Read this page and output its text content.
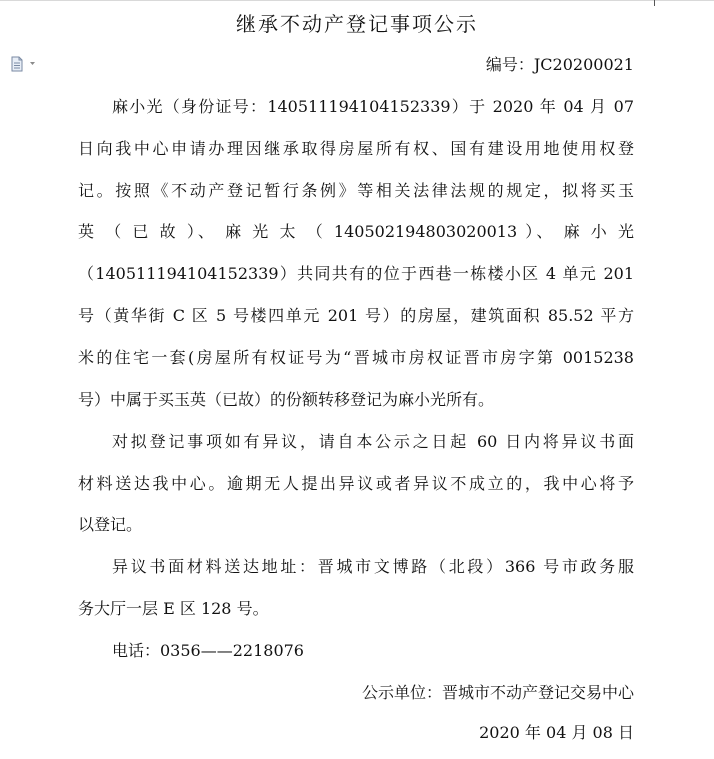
继承不动产登记事项公示
编号：JC20200021
麻小光（身份证号：140511194104152339）于 2020 年 04 月 07
日向我中心申请办理因继承取得房屋所有权、国有建设用地使用权登
记。按照《不动产登记暂行条例》等相关法律法规的规定，拟将买玉
英 （ 已 故 ）、 麻 光 太 （ 140502194803020013 ）、 麻 小 光
（140511194104152339）共同共有的位于西巷一栋楼小区 4 单元 201
号（黄华街 C 区 5 号楼四单元 201 号）的房屋，建筑面积 85.52 平方
米的住宅一套(房屋所有权证号为“晋城市房权证晋市房字第 0015238
号）中属于买玉英（已故）的份额转移登记为麻小光所有。
对拟登记事项如有异议，请自本公示之日起 60 日内将异议书面
材料送达我中心。逾期无人提出异议或者异议不成立的，我中心将予
以登记。
异议书面材料送达地址：晋城市文博路（北段）366 号市政务服
务大厅一层 E 区 128 号。
电话：0356——2218076
公示单位：晋城市不动产登记交易中心
2020 年 04 月 08 日
